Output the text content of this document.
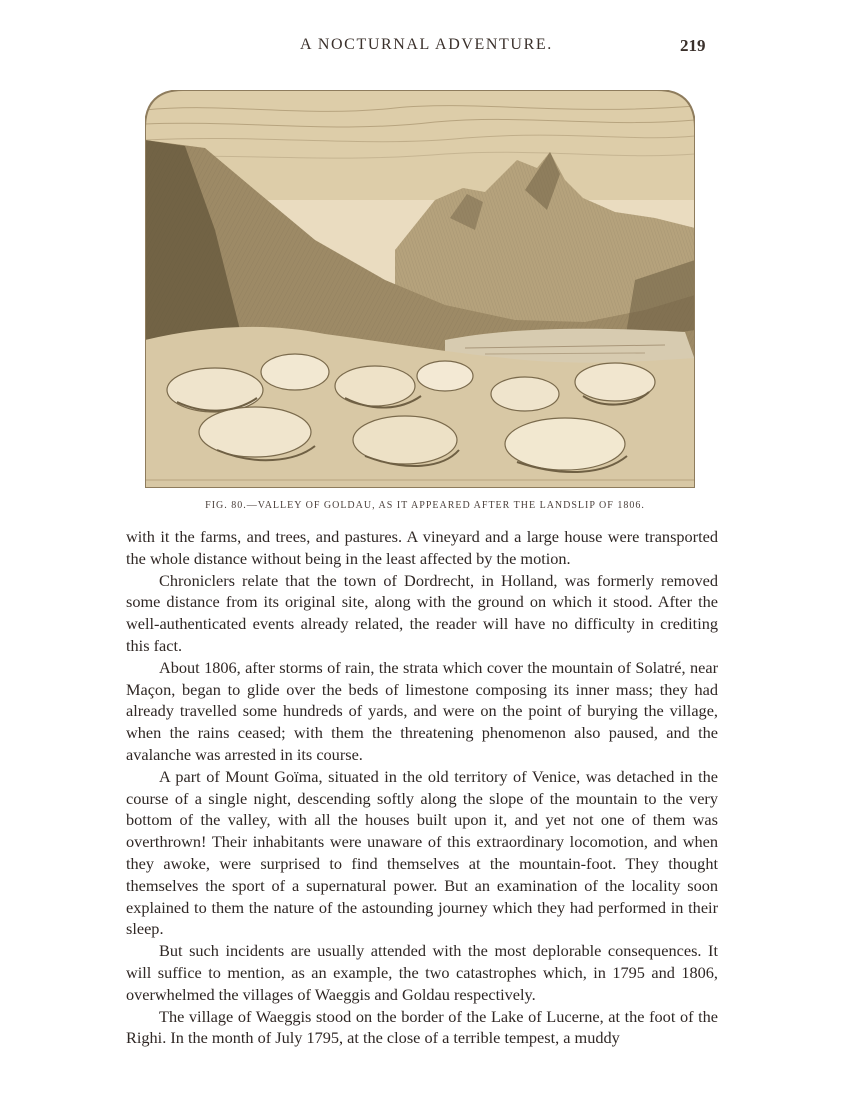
A NOCTURNAL ADVENTURE.	219
FIG. 80.—VALLEY OF GOLDAU, AS IT APPEARED AFTER THE LANDSLIP OF 1806.

with it the farms, and trees, and pastures. A vineyard and a large house were transported the whole distance without being in the least affected by the motion.

Chroniclers relate that the town of Dordrecht, in Holland, was formerly removed some distance from its original site, along with the ground on which it stood. After the well-authenticated events already related, the reader will have no difficulty in crediting this fact.

About 1806, after storms of rain, the strata which cover the mountain of Solatré, near Maçon, began to glide over the beds of limestone composing its inner mass; they had already travelled some hundreds of yards, and were on the point of burying the village, when the rains ceased; with them the threatening phenomenon also paused, and the avalanche was arrested in its course.

A part of Mount Goïma, situated in the old territory of Venice, was detached in the course of a single night, descending softly along the slope of the mountain to the very bottom of the valley, with all the houses built upon it, and yet not one of them was overthrown! Their inhabitants were unaware of this extraordinary locomotion, and when they awoke, were surprised to find themselves at the mountain-foot. They thought themselves the sport of a supernatural power. But an examination of the locality soon explained to them the nature of the astounding journey which they had performed in their sleep.

But such incidents are usually attended with the most deplorable consequences. It will suffice to mention, as an example, the two catastrophes which, in 1795 and 1806, overwhelmed the villages of Waeggis and Goldau respectively.

The village of Waeggis stood on the border of the Lake of Lucerne, at the foot of the Righi. In the month of July 1795, at the close of a terrible tempest, a muddy
